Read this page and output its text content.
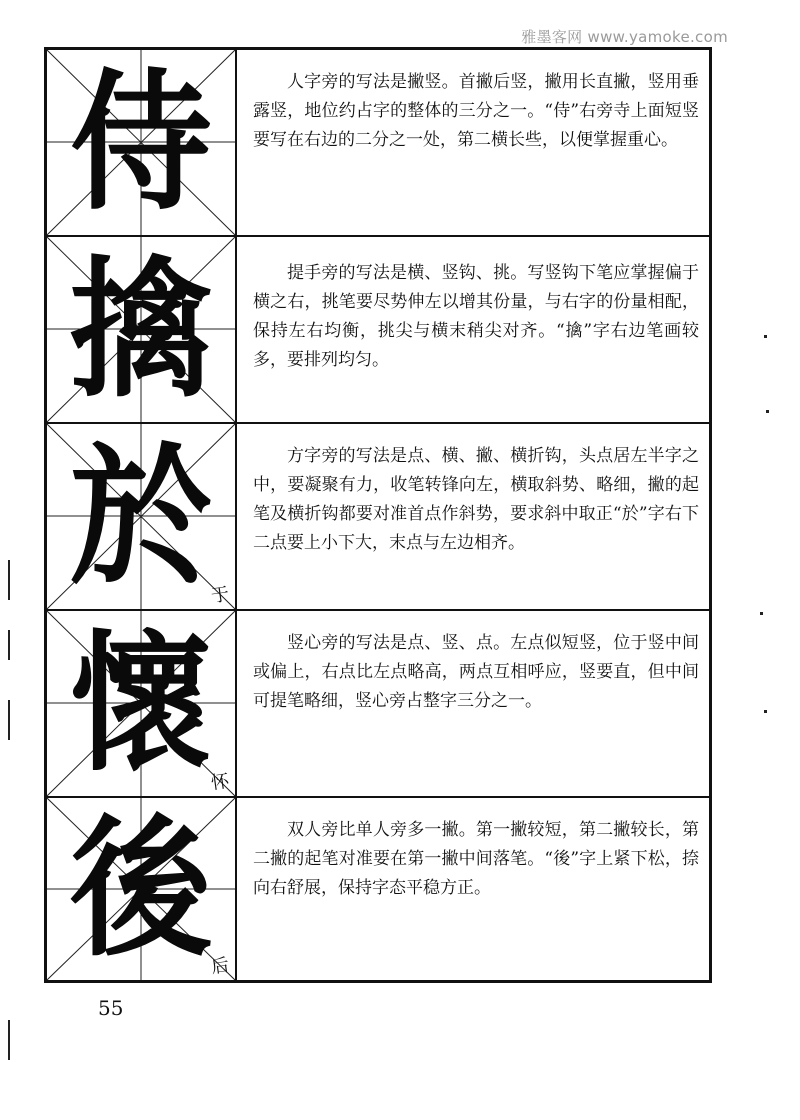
雅墨客网 www.yamoke.com
侍	人字旁的写法是撇竖。首撇后竖，撇用长直撇，竖用垂露竖，地位约占字的整体的三分之一。“侍”右旁寺上面短竖要写在右边的二分之一处，第二横长些，以便掌握重心。
擒	提手旁的写法是横、竖钩、挑。写竖钩下笔应掌握偏于横之右，挑笔要尽势伸左以增其份量，与右字的份量相配，保持左右均衡，挑尖与横末稍尖对齐。“擒”字右边笔画较多，要排列均匀。
於
于
方字旁的写法是点、横、撇、横折钩，头点居左半字之中，要凝聚有力，收笔转锋向左，横取斜势、略细，撇的起笔及横折钩都要对准首点作斜势，要求斜中取正“於”字右下二点要上小下大，末点与左边相齐。
懷
怀
竖心旁的写法是点、竖、点。左点似短竖，位于竖中间或偏上，右点比左点略高，两点互相呼应，竖要直，但中间可提笔略细，竖心旁占整字三分之一。
後
后
双人旁比单人旁多一撇。第一撇较短，第二撇较长，第二撇的起笔对准要在第一撇中间落笔。“後”字上紧下松，捺向右舒展，保持字态平稳方正。
55
